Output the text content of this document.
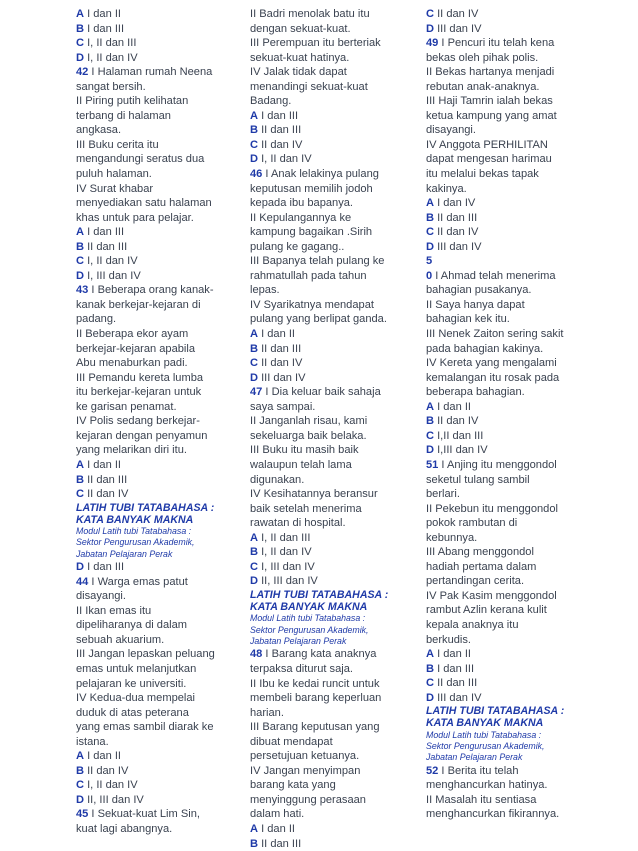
A I dan II
B I dan III
C I, II dan III
D I, II dan IV
42 I Halaman rumah Neena
sangat bersih.
II Piring putih kelihatan
terbang di halaman
angkasa.
III Buku cerita itu
mengandungi seratus dua
puluh halaman.
IV Surat khabar
menyediakan satu halaman
khas untuk para pelajar.
A I dan III
B II dan III
C I, II dan IV
D I, III dan IV
43 I Beberapa orang kanak-
kanak berkejar-kejaran di
padang.
II Beberapa ekor ayam
berkejar-kejaran apabila
Abu menaburkan padi.
III Pemandu kereta lumba
itu berkejar-kejaran untuk
ke garisan penamat.
IV Polis sedang berkejar-
kejaran dengan penyamun
yang melarikan diri itu.
A I dan II
B II dan III
C II dan IV
LATIH TUBI TATABAHASA :
KATA BANYAK MAKNA
Modul Latih tubi Tatabahasa :
Sektor Pengurusan Akademik,
Jabatan Pelajaran Perak
D I dan III
44 I Warga emas patut
disayangi.
II Ikan emas itu
dipeliharanya di dalam
sebuah akuarium.
III Jangan lepaskan peluang
emas untuk melanjutkan
pelajaran ke universiti.
IV Kedua-dua mempelai
duduk di atas peterana
yang emas sambil diarak ke
istana.
A I dan II
B II dan IV
C I, II dan IV
D II, III dan IV
45 I Sekuat-kuat Lim Sin,
kuat lagi abangnya.
II Badri menolak batu itu
dengan sekuat-kuat.
III Perempuan itu berteriak
sekuat-kuat hatinya.
IV Jalak tidak dapat
menandingi sekuat-kuat
Badang.
A I dan III
B II dan III
C II dan IV
D I, II dan IV
46 I Anak lelakinya pulang
keputusan memilih jodoh
kepada ibu bapanya.
II Kepulangannya ke
kampung bagaikan .Sirih
pulang ke gagang..
III Bapanya telah pulang ke
rahmatullah pada tahun
lepas.
IV Syarikatnya mendapat
pulang yang berlipat ganda.
A I dan II
B II dan III
C II dan IV
D III dan IV
47 I Dia keluar baik sahaja
saya sampai.
II Janganlah risau, kami
sekeluarga baik belaka.
III Buku itu masih baik
walaupun telah lama
digunakan.
IV Kesihatannya beransur
baik setelah menerima
rawatan di hospital.
A I, II dan III
B I, II dan IV
C I, III dan IV
D II, III dan IV
LATIH TUBI TATABAHASA :
KATA BANYAK MAKNA
Modul Latih tubi Tatabahasa :
Sektor Pengurusan Akademik,
Jabatan Pelajaran Perak
48 I Barang kata anaknya
terpaksa diturut saja.
II Ibu ke kedai runcit untuk
membeli barang keperluan
harian.
III Barang keputusan yang
dibuat mendapat
persetujuan ketuanya.
IV Jangan menyimpan
barang kata yang
menyinggung perasaan
dalam hati.
A I dan II
B II dan III
C II dan IV
D III dan IV
49 I Pencuri itu telah kena
bekas oleh pihak polis.
II Bekas hartanya menjadi
rebutan anak-anaknya.
III Haji Tamrin ialah bekas
ketua kampung yang amat
disayangi.
IV Anggota PERHILITAN
dapat mengesan harimau
itu melalui bekas tapak
kakinya.
A I dan IV
B II dan III
C II dan IV
D III dan IV
5
0 I Ahmad telah menerima
bahagian pusakanya.
II Saya hanya dapat
bahagian kek itu.
III Nenek Zaiton sering sakit
pada bahagian kakinya.
IV Kereta yang mengalami
kemalangan itu rosak pada
beberapa bahagian.
A I dan II
B II dan IV
C I,II dan III
D I,III dan IV
51 I Anjing itu menggondol
seketul tulang sambil
berlari.
II Pekebun itu menggondol
pokok rambutan di
kebunnya.
III Abang menggondol
hadiah pertama dalam
pertandingan cerita.
IV Pak Kasim menggondol
rambut Azlin kerana kulit
kepala anaknya itu
berkudis.
A I dan II
B I dan III
C II dan III
D III dan IV
LATIH TUBI TATABAHASA :
KATA BANYAK MAKNA
Modul Latih tubi Tatabahasa :
Sektor Pengurusan Akademik,
Jabatan Pelajaran Perak
52 I Berita itu telah
menghancurkan hatinya.
II Masalah itu sentiasa
menghancurkan fikirannya.
